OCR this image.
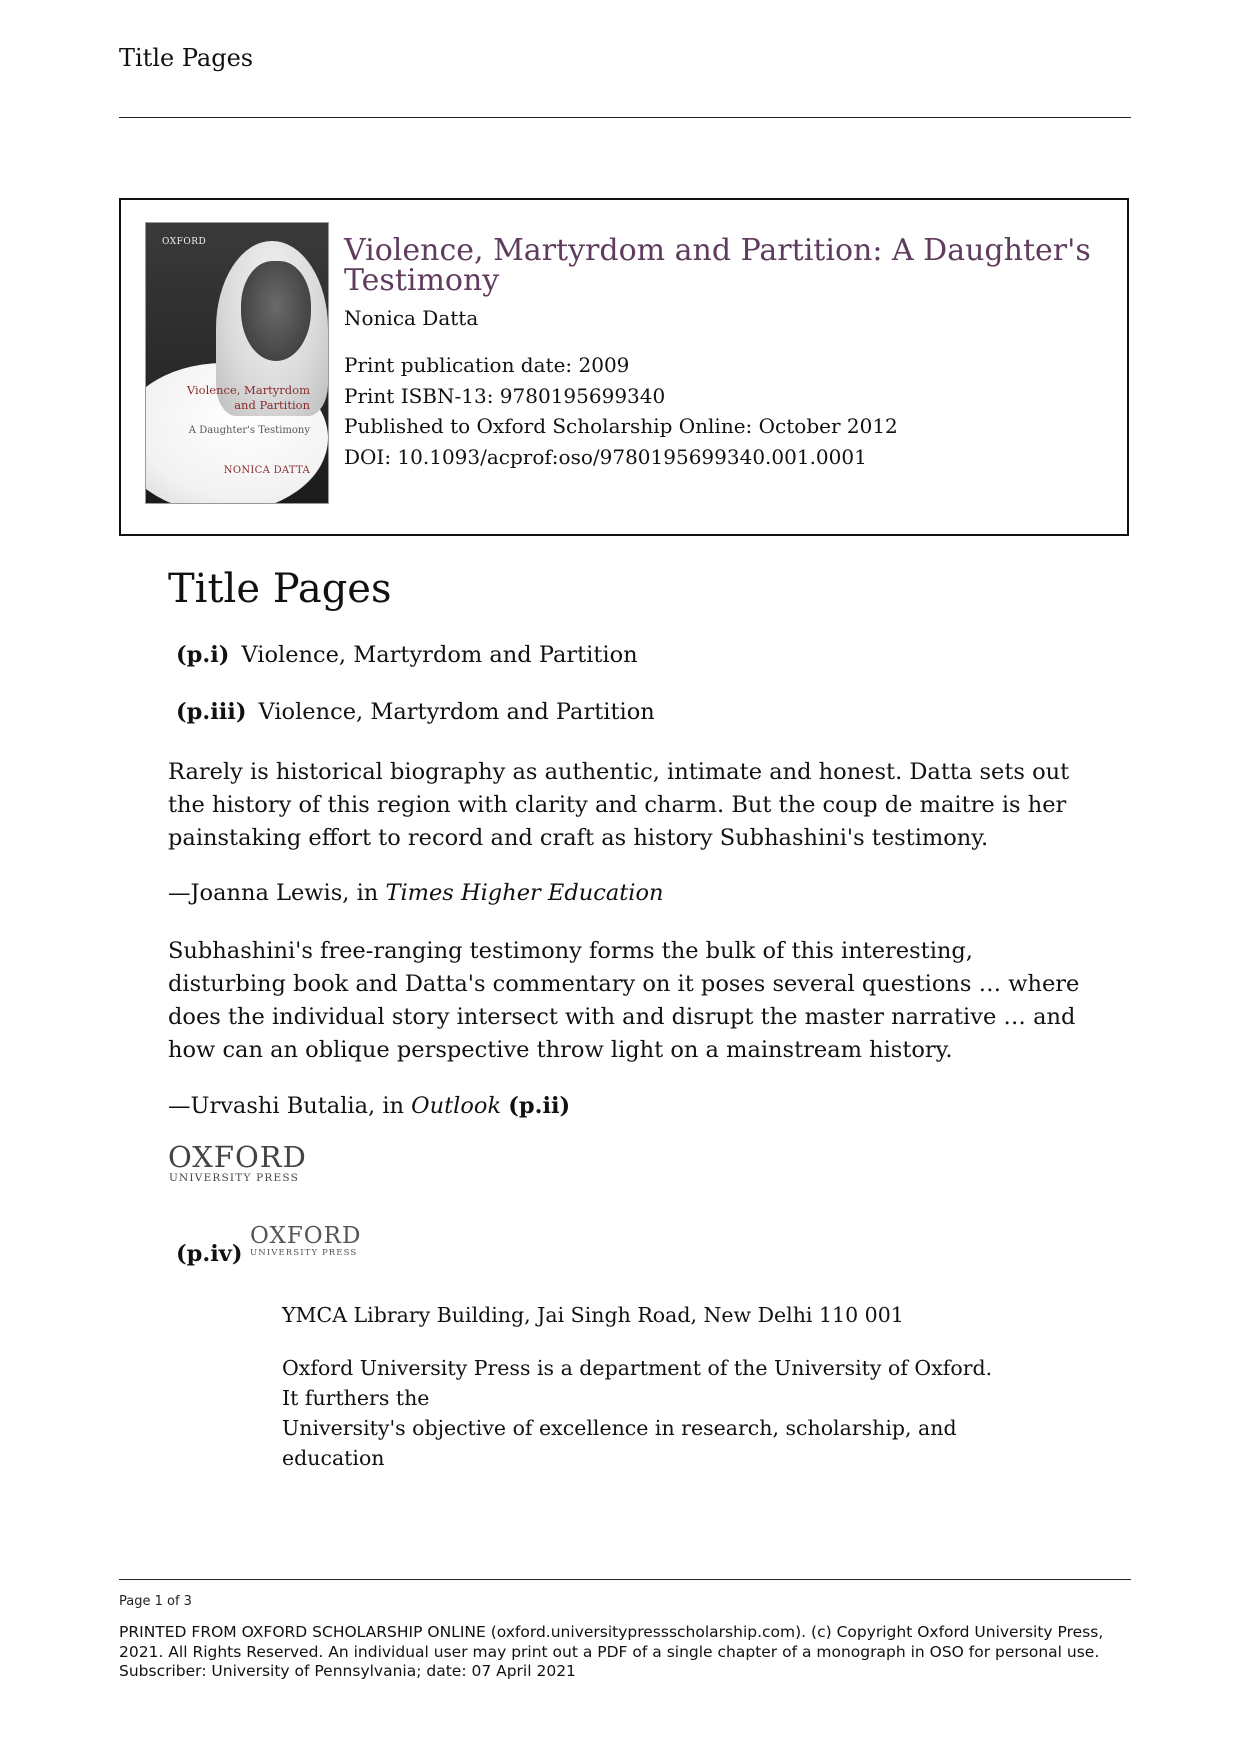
Title Pages
OXFORD
Violence, Martyrdom and Partition
A Daughter's Testimony
NONICA DATTA
Violence, Martyrdom and Partition: A Daughter's Testimony
Nonica Datta
Print publication date: 2009
Print ISBN-13: 9780195699340
Published to Oxford Scholarship Online: October 2012
DOI: 10.1093/acprof:oso/9780195699340.001.0001
Title Pages
(p.i) Violence, Martyrdom and Partition
(p.iii) Violence, Martyrdom and Partition
Rarely is historical biography as authentic, intimate and honest. Datta sets out the history of this region with clarity and charm. But the coup de maitre is her painstaking effort to record and craft as history Subhashini's testimony.
—Joanna Lewis, in Times Higher Education
Subhashini's free-ranging testimony forms the bulk of this interesting, disturbing book and Datta's commentary on it poses several questions … where does the individual story intersect with and disrupt the master narrative … and how can an oblique perspective throw light on a mainstream history.
—Urvashi Butalia, in Outlook (p.ii)
OXFORD
UNIVERSITY PRESS
(p.iv)
OXFORD
UNIVERSITY PRESS
YMCA Library Building, Jai Singh Road, New Delhi 110 001
Oxford University Press is a department of the University of Oxford.
It furthers the
University's objective of excellence in research, scholarship, and
education
Page 1 of 3
PRINTED FROM OXFORD SCHOLARSHIP ONLINE (oxford.universitypressscholarship.com). (c) Copyright Oxford University Press, 2021. All Rights Reserved. An individual user may print out a PDF of a single chapter of a monograph in OSO for personal use. Subscriber: University of Pennsylvania; date: 07 April 2021
